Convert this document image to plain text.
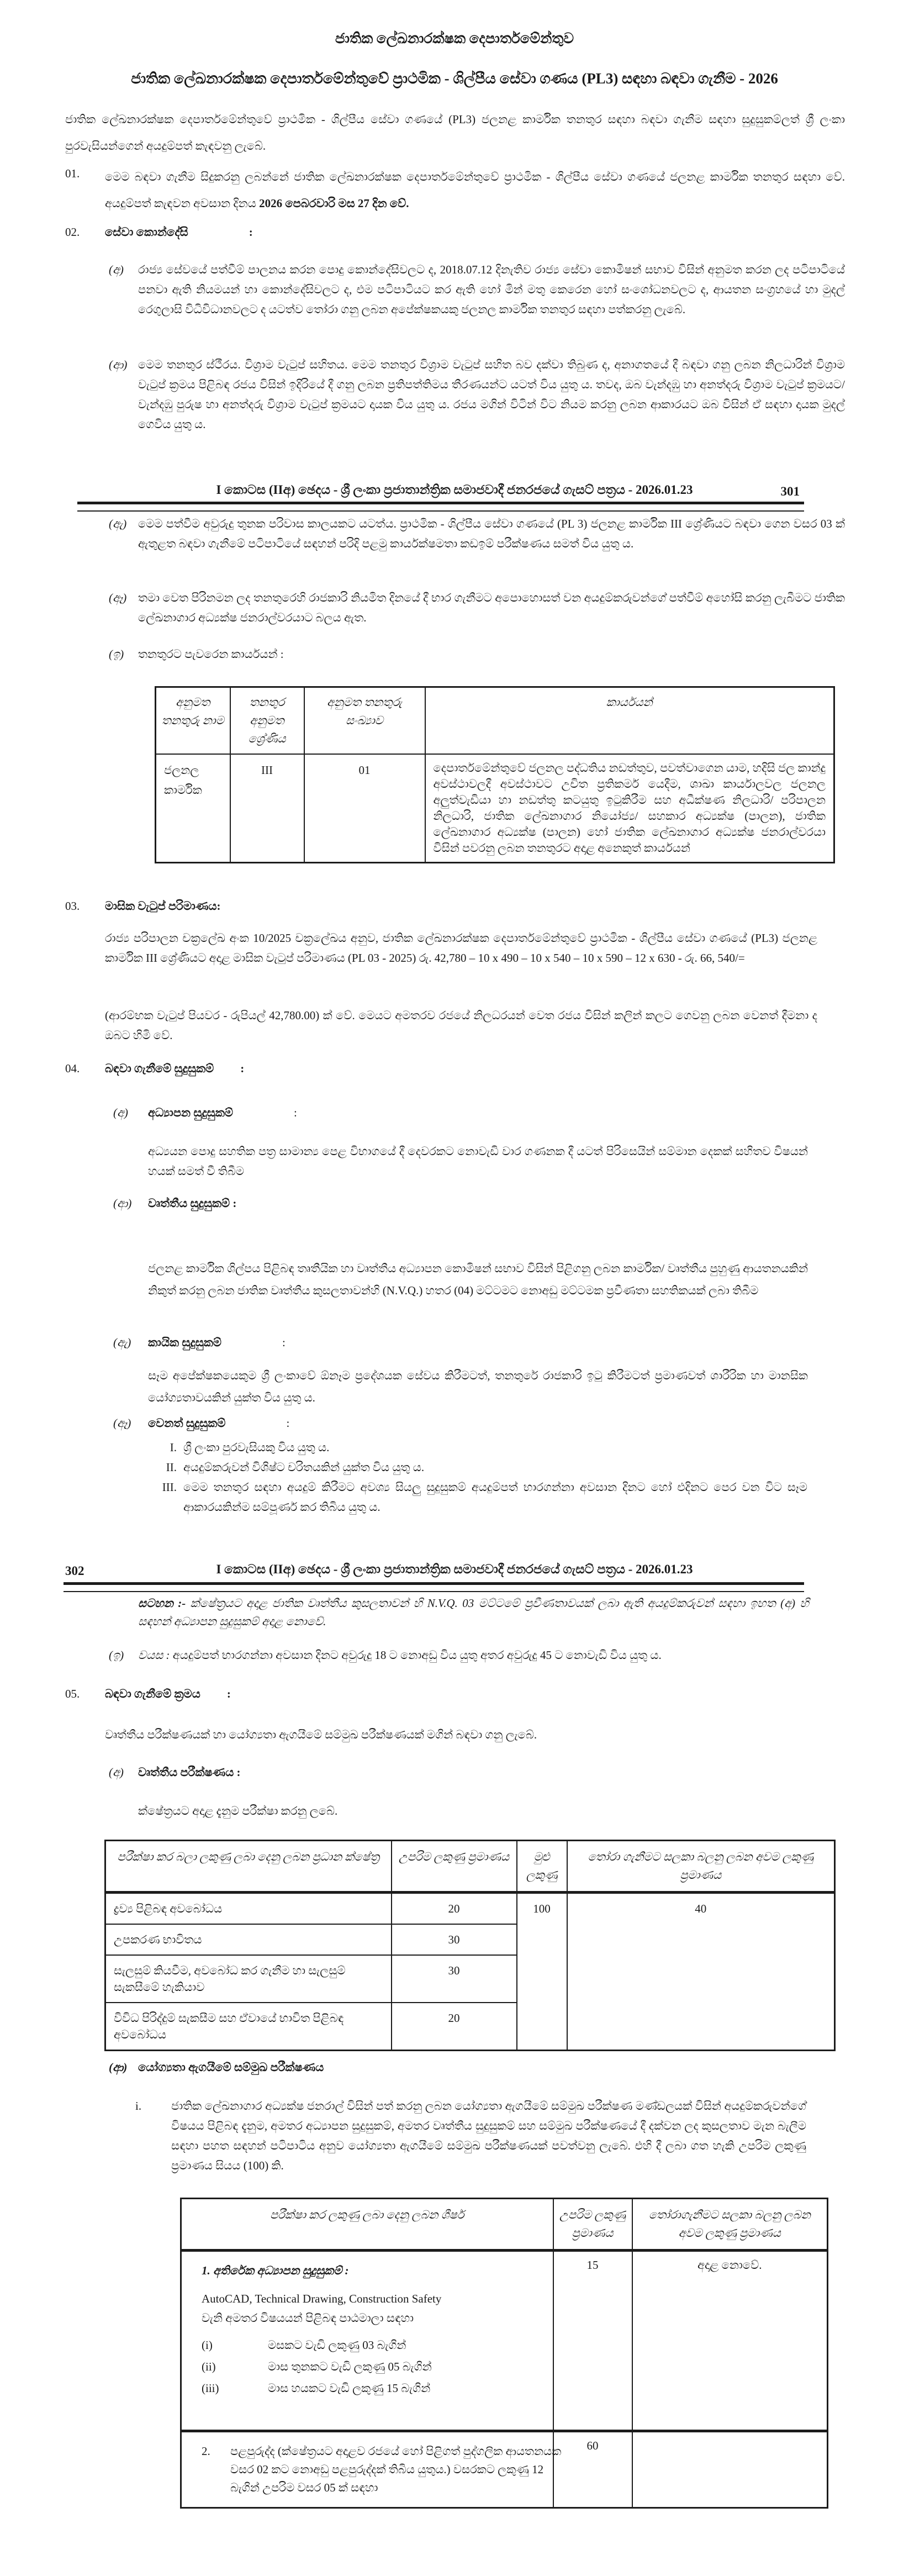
ජාතික ලේඛනාරක්ෂක දෙපාර්තමේන්තුව
ජාතික ලේඛනාරක්ෂක දෙපාර්තමේන්තුවේ ප්‍රාථමික - ශිල්පීය සේවා ගණය (PL3) සඳහා බඳවා ගැනීම - 2026
ජාතික ලේඛනාරක්ෂක දෙපාර්තමේන්තුවේ ප්‍රාථමික - ශිල්පීය සේවා ගණයේ (PL3) ජලනළ කාර්මික තනතුර සඳහා බඳවා ගැනීම සඳහා සුදුසුකම්ලත් ශ්‍රී ලංකා පුරවැසියන්ගෙන් අයදුම්පත් කැඳවනු ලැබේ.
01. මෙම බඳවා ගැනීම සිදුකරනු ලබන්නේ ජාතික ලේඛනාරක්ෂක දෙපාර්තමේන්තුවේ ප්‍රාථමික - ශිල්පීය සේවා ගණයේ ජලනළ කාර්මික තනතුර සඳහා වේ. අයදුම්පත් කැඳවන අවසාන දිනය 2026 පෙබරවාරි මස 27 දින වේ.
02. සේවා කොන්දේසි	:
(අ) රාජ්‍ය සේවයේ පත්වීම් පාලනය කරන පොදු කොන්දේසිවලට ද, 2018.07.12 දිනැතිව රාජ්‍ය සේවා කොමිෂන් සභාව විසින් අනුමත කරන ලද පටිපාටියේ පනවා ඇති නියමයන් හා කොන්දේසිවලට ද, එම පටිපාටියට කර ඇති හෝ මින් මතු කෙරෙන හෝ සංශෝධනවලට ද, ආයතන සංග්‍රහයේ හා මුදල් රෙගුලාසි විධිවිධානවලට ද යටත්ව තෝරා ගනු ලබන අපේක්ෂකයකු ජලනල කාර්මික තනතුර සඳහා පත්කරනු ලැබේ.
(ආ) මෙම තනතුර ස්ථීරය. විශ්‍රාම වැටුප් සහිතය. මෙම තනතුර විශ්‍රාම වැටුප් සහිත බව දක්වා තිබුණ ද, අනාගතයේ දී බඳවා ගනු ලබන නිලධාරින් විශ්‍රාම වැටුප් ක්‍රමය පිළිබඳ රජය විසින් ඉදිරියේ දී ගනු ලබන ප්‍රතිපත්තිමය තීරණයන්ට යටත් විය යුතු ය. තවද, ඔබ වැන්දඹු හා අනත්දරු විශ්‍රාම වැටුප් ක්‍රමයට/ වැන්දඹු පුරුෂ හා අනත්දරු විශ්‍රාම වැටුප් ක්‍රමයට දායක විය යුතු ය. රජය මගින් විටින් විට නියම කරනු ලබන ආකාරයට ඔබ විසින් ඒ සඳහා දායක මුදල් ගෙවිය යුතු ය.
I කොටස (IIඅ) ඡෙදය - ශ්‍රී ලංකා ප්‍රජාතාන්ත්‍රික සමාජවාදී ජනරජයේ ගැසට් පත්‍රය - 2026.01.23	301
(ඇ) මෙම පත්වීම අවුරුදු තුනක පරිවාස කාලයකට යටත්ය. ප්‍රාථමික - ශිල්පීය සේවා ගණයේ (PL 3) ජලනළ කාර්මික III ශ්‍රේණියට බඳවා ගෙන වසර 03 ක් ඇතුළත බඳවා ගැනීමේ පටිපාටියේ සඳහන් පරිදි පළමු කාර්යක්ෂමතා කඩඉම් පරීක්ෂණය සමත් විය යුතු ය.
(ඈ) තමා වෙත පිරිනමන ලද තනතුරෙහි රාජකාරි නියමිත දිනයේ දී භාර ගැනීමට අපොහොසත් වන අයදුම්කරුවන්ගේ පත්වීම් අහෝසි කරනු ලැබීමට ජාතික ලේඛනාගාර අධ්‍යක්ෂ ජනරාල්වරයාට බලය ඇත.
(ඉ) තනතුරට පැවරෙන කාර්යයන් :
අනුමත තනතුරු නාම	තනතුර අනුමත ශ්‍රේණිය	අනුමත තනතුරු සංඛ්‍යාව	කාර්යයන්
ජලනල කාර්මික	III	01	දෙපාර්තමේන්තුවේ ජලනල පද්ධතිය නඩත්තුව, පවත්වාගෙන යාම, හදිසි ජල කාන්දු අවස්ථාවලදී අවස්ථාවට උචිත ප්‍රතිකර්ම යෙදීම, ශාඛා කාර්යාලවල ජලනල අලුත්වැඩියා හා නඩත්තු කටයුතු ඉටුකිරීම සහ අධීක්ෂණ නිලධාරි/ පරිපාලන නිලධාරි, ජාතික ලේඛනාගාර නියෝජ්‍ය/ සහකාර අධ්‍යක්ෂ (පාලන), ජාතික ලේඛනාගාර අධ්‍යක්ෂ (පාලන) හෝ ජාතික ලේඛනාගාර අධ්‍යක්ෂ ජනරාල්වරයා විසින් පවරනු ලබන තනතුරට අදාළ අනෙකුත් කාර්යයන්
03. මාසික වැටුප් පරිමාණය:
රාජ්‍ය පරිපාලන චක්‍රලේඛ අංක 10/2025 චක්‍රලේඛය අනුව, ජාතික ලේඛනාරක්ෂක දෙපාර්තමේන්තුවේ ප්‍රාථමික - ශිල්පීය සේවා ගණයේ (PL3) ජලනළ කාර්මික III ශ්‍රේණියට අදාළ මාසික වැටුප් පරිමාණය (PL 03 - 2025) රු. 42,780 – 10 x 490 – 10 x 540 – 10 x 590 – 12 x 630 - රු. 66, 540/=
(ආරම්භක වැටුප් පියවර - රුපියල් 42,780.00) ක් වේ. මෙයට අමතරව රජයේ නිලධරයන් වෙත රජය විසින් කලින් කලට ගෙවනු ලබන වෙනත් දීමනා ද ඔබට හිමි වේ.
04. බඳවා ගැනීමේ සුදුසුකම් :
(අ) අධ්‍යාපන සුදුසුකම්	:
අධ්‍යයන පොදු සහතික පත්‍ර සාමාන්‍ය පෙළ විභාගයේ දී දෙවරකට නොවැඩි වාර ගණනක දී යටත් පිරිසෙයින් සම්මාන දෙකක් සහිතව විෂයන් හයක් සමත් වී තිබීම
(ආ) වෘත්තීය සුදුසුකම් :
ජලනළ කාර්මික ශිල්පය පිළිබඳ තෘතීයික හා වෘත්තීය අධ්‍යාපන කොමිෂන් සභාව විසින් පිළිගනු ලබන කාර්මික/ වෘත්තීය පුහුණු ආයතනයකින් නිකුත් කරනු ලබන ජාතික වෘත්තීය කුසලතාවන්හි (N.V.Q.) හතර (04) මට්ටමට නොඅඩු මට්ටමක ප්‍රවීණතා සහතිකයක් ලබා තිබීම
(ඇ) කායික සුදුසුකම්	:
සෑම අපේක්ෂකයෙකුම ශ්‍රී ලංකාවේ ඕනෑම ප්‍රදේශයක සේවය කිරීමටත්, තනතුරේ රාජකාරි ඉටු කිරීමටත් ප්‍රමාණවත් ශාරීරික හා මානසික යෝග්‍යතාවයකින් යුක්ත විය යුතු ය.
(ඈ) වෙනත් සුදුසුකම්	:
I. ශ්‍රී ලංකා පුරවැසියකු විය යුතු ය.
II. අයදුම්කරුවන් විශිෂ්ට චරිතයකින් යුක්ත විය යුතු ය.
III. මෙම තනතුර සඳහා අයදුම් කිරීමට අවශ්‍ය සියලු සුදුසුකම් අයදුම්පත් භාරගන්නා අවසාන දිනට හෝ එදිනට පෙර වන විට සෑම ආකාරයකින්ම සම්පූර්ණ කර තිබිය යුතු ය.
302	I කොටස (IIඅ) ඡෙදය - ශ්‍රී ලංකා ප්‍රජාතාන්ත්‍රික සමාජවාදී ජනරජයේ ගැසට් පත්‍රය - 2026.01.23
සටහන :- ක්ෂේත්‍රයට අදාළ ජාතික වෘත්තීය කුසලතාවන් හි N.V.Q. 03 මට්ටමේ ප්‍රවීණතාවයක් ලබා ඇති අයදුම්කරුවන් සඳහා ඉහත (අ) හි සඳහන් අධ්‍යාපන සුදුසුකම් අදාළ නොවේ.
(ඉ) වයස : අයදුම්පත් භාරගන්නා අවසාන දිනට අවුරුදු 18 ට නොඅඩු විය යුතු අතර අවුරුදු 45 ට නොවැඩි විය යුතු ය.
05. බඳවා ගැනීමේ ක්‍රමය :
වෘත්තීය පරීක්ෂණයක් හා යෝග්‍යතා ඇගයීමේ සම්මුඛ පරීක්ෂණයක් මගින් බඳවා ගනු ලැබේ.
(අ) වෘත්තීය පරීක්ෂණය :
ක්ෂේත්‍රයට අදාළ දැනුම පරීක්ෂා කරනු ලබේ.
පරීක්ෂා කර බලා ලකුණු ලබා දෙනු ලබන ප්‍රධාන ක්ෂේත්‍ර	උපරිම ලකුණු ප්‍රමාණය	මුළු ලකුණු	තෝරා ගැනීමට සලකා බලනු ලබන අවම ලකුණු ප්‍රමාණය
ද්‍රව්‍ය පිළිබඳ අවබෝධය	20	100	40
උපකරණ භාවිතය	30		
සැලසුම් කියවීම, අවබෝධ කර ගැනීම හා සැලසුම් සැකසීමේ හැකියාව	30		
විවිධ පිරිද්දුම් සැකසීම සහ ඒවායේ භාවිත පිළිබඳ අවබෝධය	20		
(ආ) යෝග්‍යතා ඇගයීමේ සම්මුඛ පරීක්ෂණය
i.	ජාතික ලේඛනාගාර අධ්‍යක්ෂ ජනරාල් විසින් පත් කරනු ලබන යෝග්‍යතා ඇගයීමේ සම්මුඛ පරීක්ෂණ මණ්ඩලයක් විසින් අයදුම්කරුවන්ගේ විෂයය පිළිබඳ දැනුම, අමතර අධ්‍යාපන සුදුසුකම්, අමතර වෘත්තීය සුදුසුකම් සහ සම්මුඛ පරීක්ෂණයේ දී දක්වන ලද කුසලතාව මැන බැලීම සඳහා පහත සඳහන් පටිපාටිය අනුව යෝග්‍යතා ඇගයීමේ සම්මුඛ පරීක්ෂණයක් පවත්වනු ලැබේ. එහි දී ලබා ගත හැකි උපරිම ලකුණු ප්‍රමාණය සියය (100) කි.
පරීක්ෂා කර ලකුණු ලබා දෙනු ලබන ශීර්ෂ	උපරිම ලකුණු ප්‍රමාණය	තෝරාගැනීමට සලකා බලනු ලබන අවම ලකුණු ප්‍රමාණය

1. අතිරේක අධ්‍යාපන සුදුසුකම් :
AutoCAD, Technical Drawing, Construction Safety
වැනි අමතර විෂයයන් පිළිබඳ පාඨමාලා සඳහා
(i)	මසකට වැඩි ලකුණු 03 බැගින්
(ii)	මාස තුනකට වැඩි ලකුණු 05 බැගින්
(iii)	මාස හයකට වැඩි ලකුණු 15 බැගින්
	15	අදාළ නොවේ.

2. පළපුරුද්ද (ක්ෂේත්‍රයට අදාළව රජයේ හෝ පිළිගත් පුද්ගලික ආයතනයක වසර 02 කට නොඅඩු පළපුරුද්දක් තිබිය යුතුය.) වසරකට ලකුණු 12 බැගින් උපරිම වසර 05 ක් සඳහා	60	
